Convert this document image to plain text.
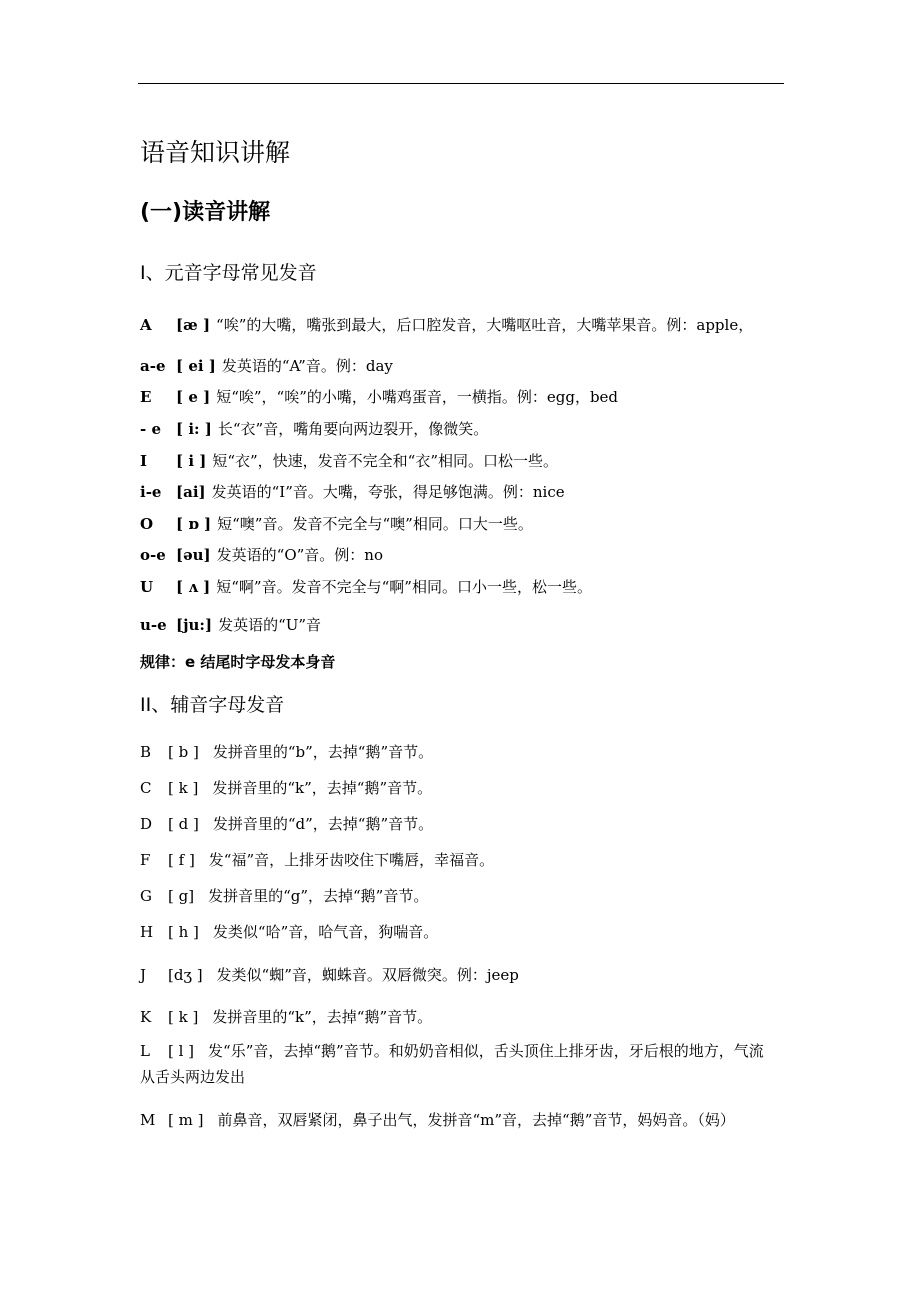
语音知识讲解
(一)读音讲解
I、元音字母常见发音
A [æ ] “唉”的大嘴，嘴张到最大，后口腔发音，大嘴呕吐音，大嘴苹果音。例：apple，
a-e [ ei ] 发英语的“A”音。例：day
E [ e ] 短“唉”，“唉”的小嘴，小嘴鸡蛋音，一横指。例：egg，bed
- e [ i: ] 长“衣”音，嘴角要向两边裂开，像微笑。
I [ i ] 短“衣”，快速，发音不完全和“衣”相同。口松一些。
i-e [ai] 发英语的“I”音。大嘴，夸张，得足够饱满。例：nice
O [ ɒ ] 短“噢”音。发音不完全与“噢”相同。口大一些。
o-e [əu] 发英语的“O”音。例：no
U [ ʌ ] 短“啊”音。发音不完全与“啊”相同。口小一些，松一些。
u-e [ju:] 发英语的“U”音
规律：e 结尾时字母发本身音
II、辅音字母发音
B [ b ] 发拼音里的“b”，去掉“鹅”音节。
C [ k ] 发拼音里的“k”，去掉“鹅”音节。
D [ d ] 发拼音里的“d”，去掉“鹅”音节。
F [ f ] 发“福”音，上排牙齿咬住下嘴唇，幸福音。
G [ g] 发拼音里的“g”，去掉“鹅”音节。
H [ h ] 发类似“哈”音，哈气音，狗喘音。
J [dʒ ] 发类似“蜘”音，蜘蛛音。双唇微突。例：jeep
K [ k ] 发拼音里的“k”，去掉“鹅”音节。
L [ l ] 发“乐”音，去掉“鹅”音节。和奶奶音相似，舌头顶住上排牙齿，牙后根的地方，气流 从舌头两边发出
M [ m ] 前鼻音，双唇紧闭，鼻子出气，发拼音“m”音，去掉“鹅”音节，妈妈音。（妈）
